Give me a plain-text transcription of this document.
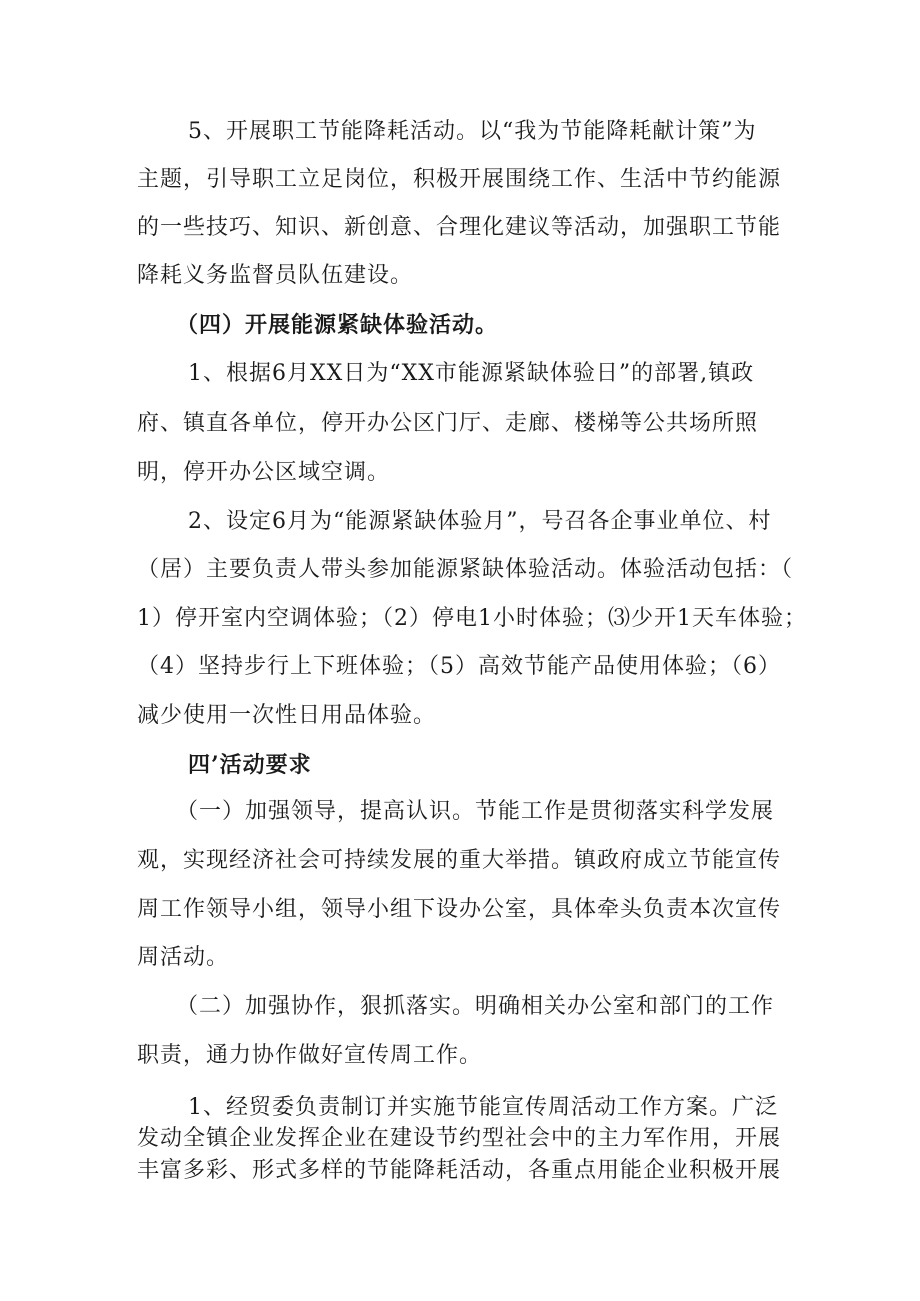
5、开展职工节能降耗活动。以“我为节能降耗献计策”为
主题，引导职工立足岗位，积极开展围绕工作、生活中节约能源
的一些技巧、知识、新创意、合理化建议等活动，加强职工节能
降耗义务监督员队伍建设。
（四）开展能源紧缺体验活动。
1、根据6月XX日为“XX市能源紧缺体验日”的部署,镇政
府、镇直各单位，停开办公区门厅、走廊、楼梯等公共场所照
明，停开办公区域空调。
2、设定6月为“能源紧缺体验月”，号召各企事业单位、村
（居）主要负责人带头参加能源紧缺体验活动。体验活动包括：（
1）停开室内空调体验；（2）停电1小时体验；⑶少开1天车体验；
（4）坚持步行上下班体验；（5）高效节能产品使用体验；（6）
减少使用一次性日用品体验。
四’活动要求
（一）加强领导，提高认识。节能工作是贯彻落实科学发展
观，实现经济社会可持续发展的重大举措。镇政府成立节能宣传
周工作领导小组，领导小组下设办公室，具体牵头负责本次宣传
周活动。
（二）加强协作，狠抓落实。明确相关办公室和部门的工作
职责，通力协作做好宣传周工作。
1、经贸委负责制订并实施节能宣传周活动工作方案。广泛
发动全镇企业发挥企业在建设节约型社会中的主力军作用，开展
丰富多彩、形式多样的节能降耗活动，各重点用能企业积极开展
